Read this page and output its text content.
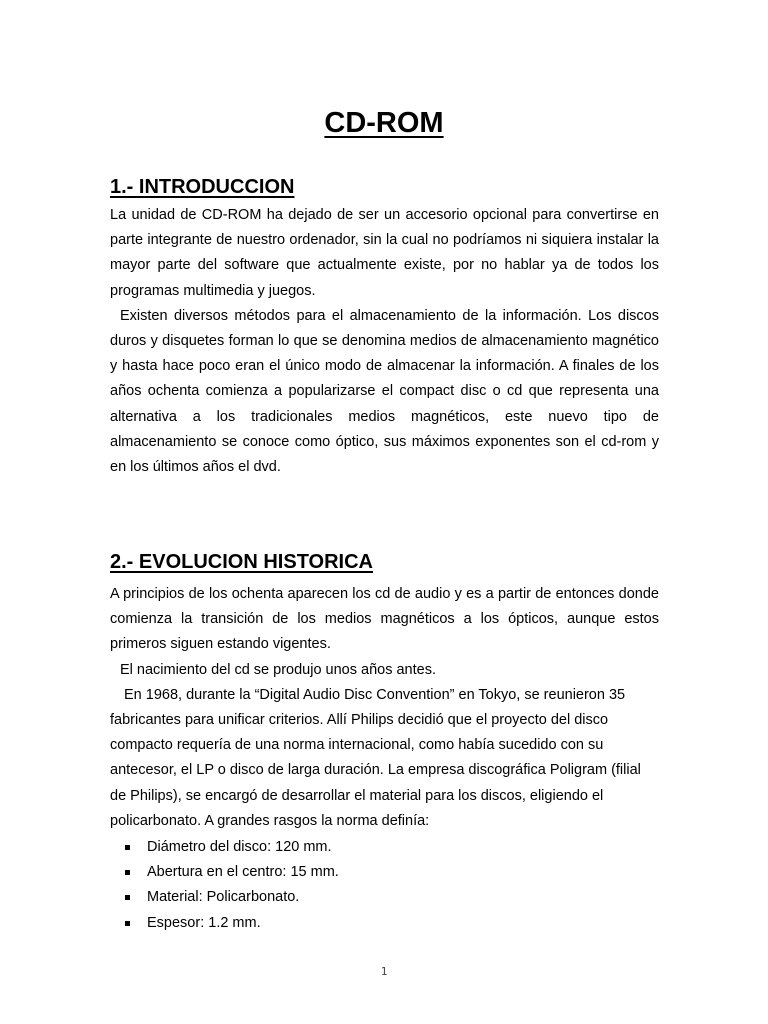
CD-ROM
1.- INTRODUCCION

La unidad de CD-ROM ha dejado de ser un accesorio opcional para convertirse en parte integrante de nuestro ordenador, sin la cual no podríamos ni siquiera instalar la mayor parte del software que actualmente existe, por no hablar ya de todos los programas multimedia y juegos.

Existen diversos métodos para el almacenamiento de la información. Los discos duros y disquetes forman lo que se denomina medios de almacenamiento magnético y hasta hace poco eran el único modo de almacenar la información. A finales de los años ochenta comienza a popularizarse el compact disc o cd que representa una alternativa a los tradicionales medios magnéticos, este nuevo tipo de almacenamiento se conoce como óptico, sus máximos exponentes son el cd-rom y en los últimos años el dvd.

2.- EVOLUCION HISTORICA

A principios de los ochenta aparecen los cd de audio y es a partir de entonces donde comienza la transición de los medios magnéticos a los ópticos, aunque estos primeros siguen estando vigentes.

El nacimiento del cd se produjo unos años antes.

En 1968, durante la “Digital Audio Disc Convention” en Tokyo, se reunieron 35 fabricantes para unificar criterios. Allí Philips decidió que el proyecto del disco compacto requería de una norma internacional, como había sucedido con su antecesor, el LP o disco de larga duración. La empresa discográfica Poligram (filial de Philips), se encargó de desarrollar el material para los discos, eligiendo el policarbonato. A grandes rasgos la norma definía:

Diámetro del disco: 120 mm.
Abertura en el centro: 15 mm.
Material: Policarbonato.
Espesor: 1.2 mm.
1
